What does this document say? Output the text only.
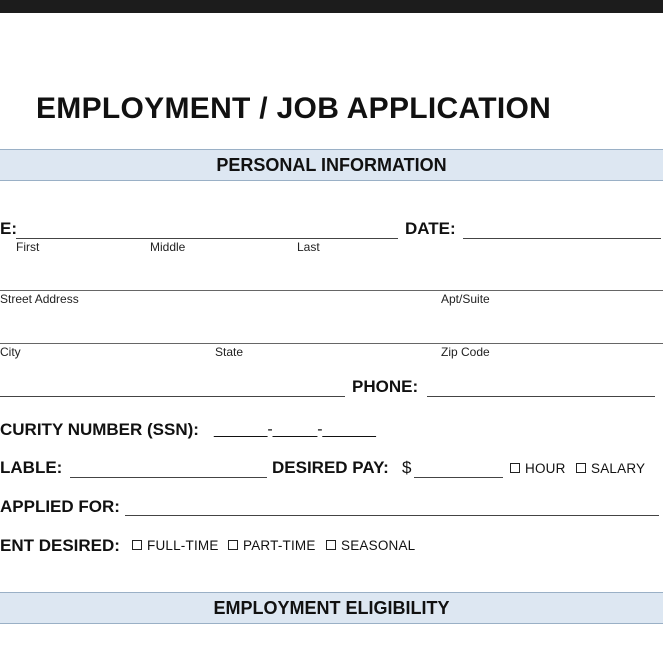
EMPLOYMENT / JOB APPLICATION
PERSONAL INFORMATION
E:
First	Middle	Last
DATE:
Street Address	Apt/Suite
City	State	Zip Code
PHONE:
CURITY NUMBER (SSN): ______-_____-______
LABLE:	DESIRED PAY: $	HOUR	SALARY
APPLIED FOR:
ENT DESIRED:	FULL-TIME	PART-TIME	SEASONAL
EMPLOYMENT ELIGIBILITY
